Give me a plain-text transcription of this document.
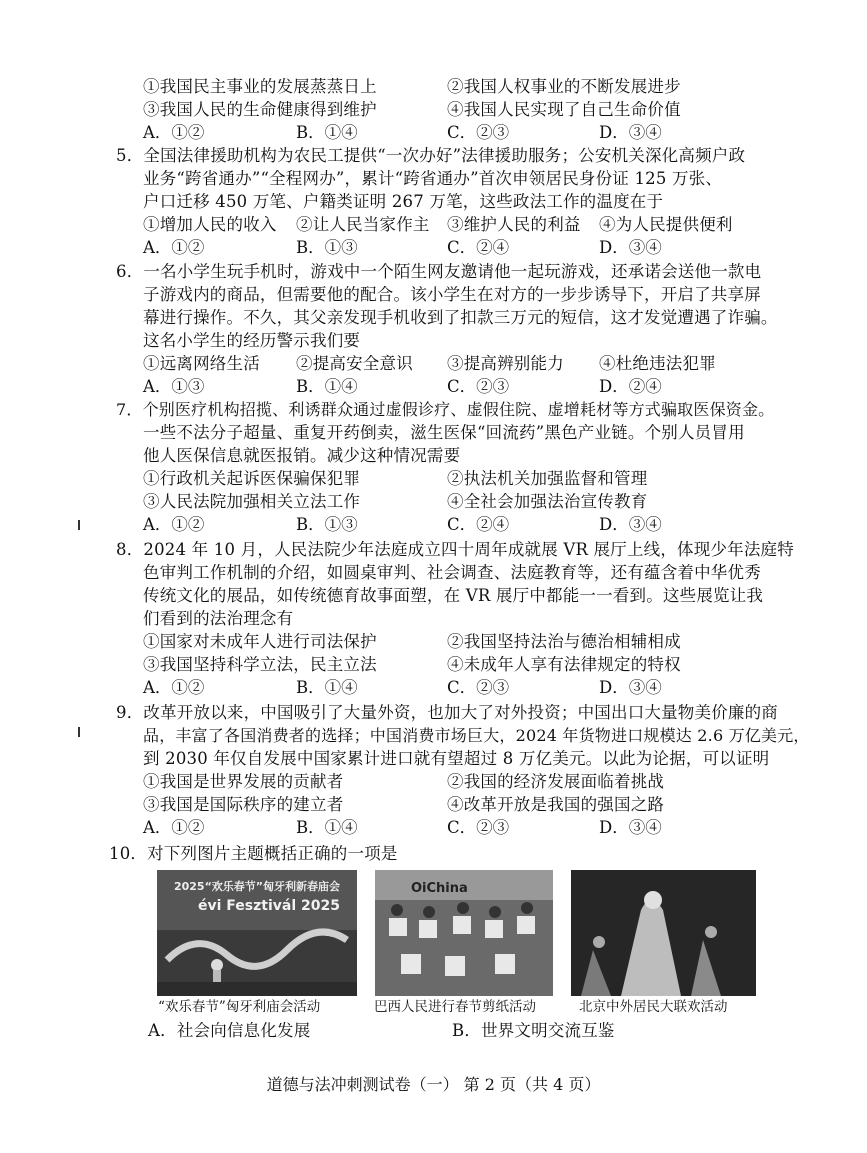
①我国民主事业的发展蒸蒸日上	②我国人权事业的不断发展进步
③我国人民的生命健康得到维护	④我国人民实现了自己生命价值
A．①②	B．①④	C．②③	D．③④
5．全国法律援助机构为农民工提供“一次办好”法律援助服务；公安机关深化高频户政
业务“跨省通办”“全程网办”，累计“跨省通办”首次申领居民身份证 125 万张、
户口迁移 450 万笔、户籍类证明 267 万笔，这些政法工作的温度在于
①增加人民的收入 ②让人民当家作主 ③维护人民的利益 ④为人民提供便利
A．①②	B．①③	C．②④	D．③④
6．一名小学生玩手机时，游戏中一个陌生网友邀请他一起玩游戏，还承诺会送他一款电
子游戏内的商品，但需要他的配合。该小学生在对方的一步步诱导下，开启了共享屏
幕进行操作。不久，其父亲发现手机收到了扣款三万元的短信，这才发觉遭遇了诈骗。
这名小学生的经历警示我们要
①远离网络生活 ②提高安全意识 ③提高辨别能力 ④杜绝违法犯罪
A．①③	B．①④	C．②③	D．②④
7．个别医疗机构招揽、利诱群众通过虚假诊疗、虚假住院、虚增耗材等方式骗取医保资金。
一些不法分子超量、重复开药倒卖，滋生医保“回流药”黑色产业链。个别人员冒用
他人医保信息就医报销。减少这种情况需要
①行政机关起诉医保骗保犯罪	②执法机关加强监督和管理
③人民法院加强相关立法工作	④全社会加强法治宣传教育
A．①②	B．①③	C．②④	D．③④
8．2024 年 10 月，人民法院少年法庭成立四十周年成就展 VR 展厅上线，体现少年法庭特
色审判工作机制的介绍，如圆桌审判、社会调查、法庭教育等，还有蕴含着中华优秀
传统文化的展品，如传统德育故事面塑，在 VR 展厅中都能一一看到。这些展览让我
们看到的法治理念有
①国家对未成年人进行司法保护	②我国坚持法治与德治相辅相成
③我国坚持科学立法，民主立法	④未成年人享有法律规定的特权
A．①②	B．①④	C．②③	D．③④
9．改革开放以来，中国吸引了大量外资，也加大了对外投资；中国出口大量物美价廉的商
品，丰富了各国消费者的选择；中国消费市场巨大，2024 年货物进口规模达 2.6 万亿美元，
到 2030 年仅自发展中国家累计进口就有望超过 8 万亿美元。以此为论据，可以证明
①我国是世界发展的贡献者	②我国的经济发展面临着挑战
③我国是国际秩序的建立者	④改革开放是我国的强国之路
A．①②	B．①④	C．②③	D．③④
10．对下列图片主题概括正确的一项是
2025“欢乐春节”匈牙利新春庙会
évi Fesztivál 2025
ОіChina
“欢乐春节”匈牙利庙会活动	巴西人民进行春节剪纸活动	北京中外居民大联欢活动
A．社会向信息化发展	B．世界文明交流互鉴
道德与法冲刺测试卷（一） 第 2 页（共 4 页）
